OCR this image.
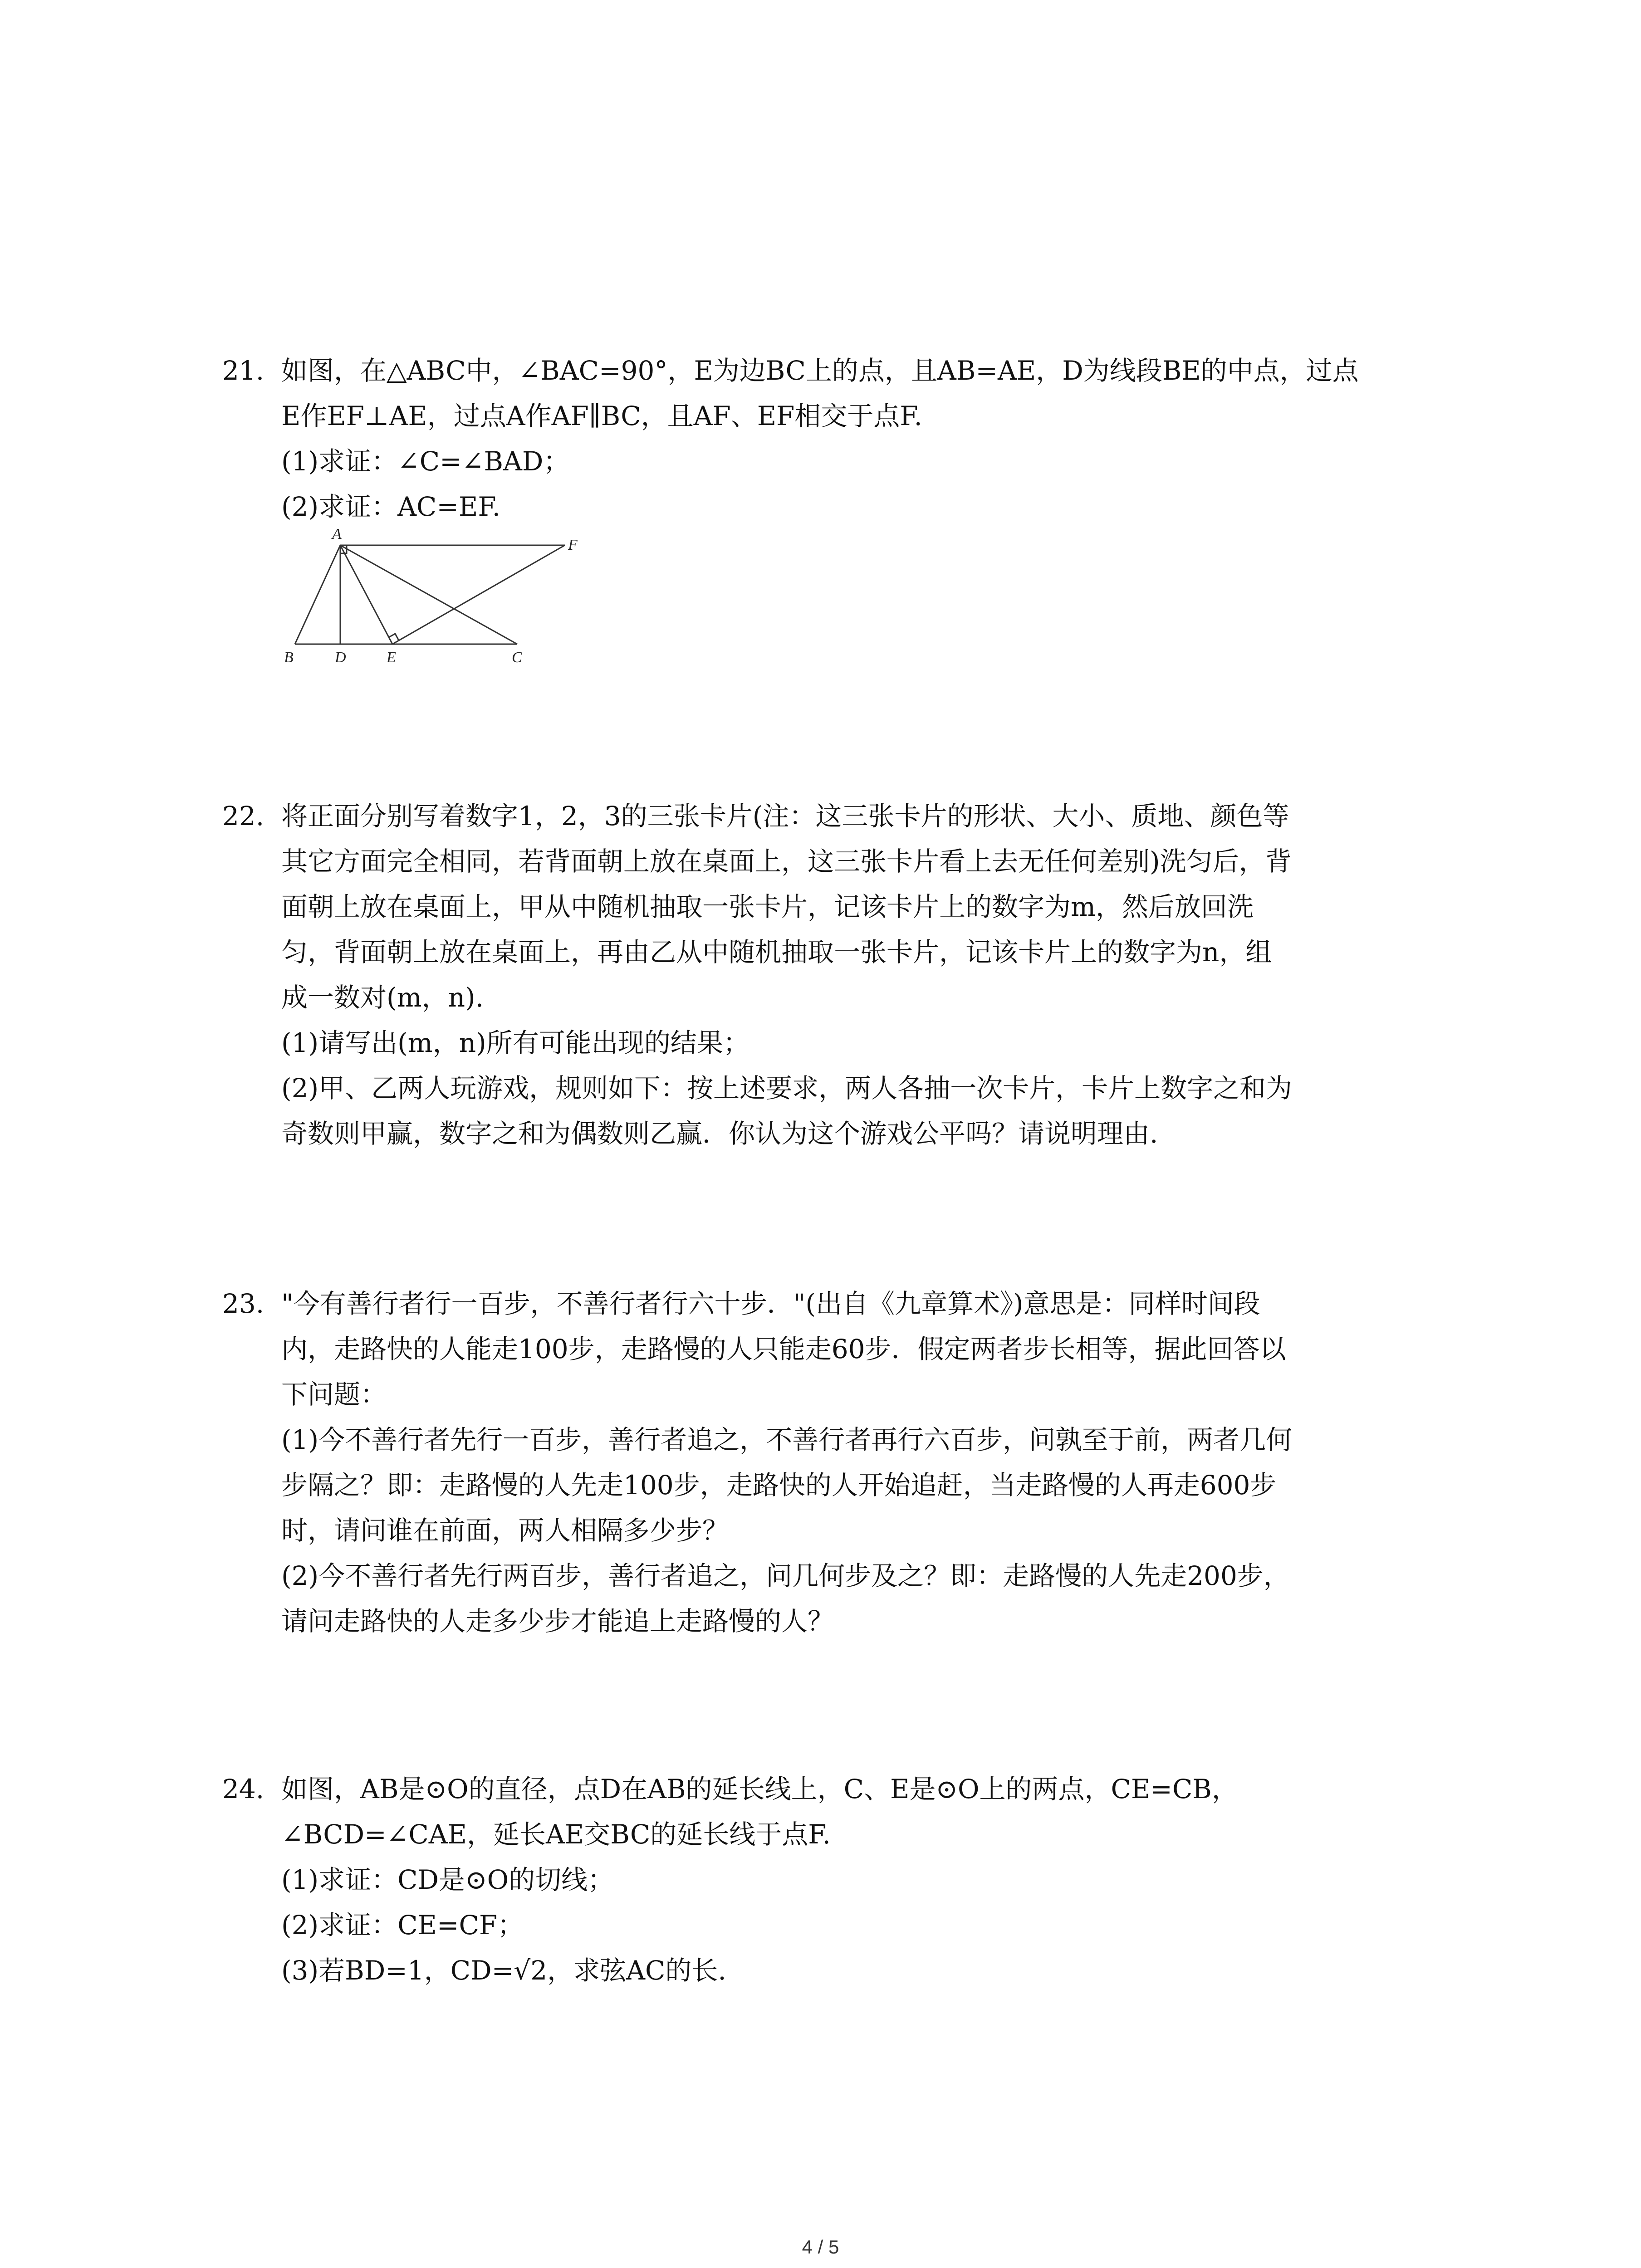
21. 如图，在△ABC中，∠BAC=90°，E为边BC上的点，且AB=AE，D为线段BE的中点，过点
E作EF⊥AE，过点A作AF∥BC，且AF、EF相交于点F.
(1)求证：∠C=∠BAD；
(2)求证：AC=EF.
A
B	D	E	C
F
22. 将正面分别写着数字1，2，3的三张卡片(注：这三张卡片的形状、大小、质地、颜色等
其它方面完全相同，若背面朝上放在桌面上，这三张卡片看上去无任何差别)洗匀后，背
面朝上放在桌面上，甲从中随机抽取一张卡片，记该卡片上的数字为m，然后放回洗
匀，背面朝上放在桌面上，再由乙从中随机抽取一张卡片，记该卡片上的数字为n，组
成一数对(m，n).
(1)请写出(m，n)所有可能出现的结果；
(2)甲、乙两人玩游戏，规则如下：按上述要求，两人各抽一次卡片，卡片上数字之和为
奇数则甲赢，数字之和为偶数则乙赢．你认为这个游戏公平吗？请说明理由.
23. "今有善行者行一百步，不善行者行六十步．"(出自《九章算术》)意思是：同样时间段
内，走路快的人能走100步，走路慢的人只能走60步．假定两者步长相等，据此回答以
下问题：
(1)今不善行者先行一百步，善行者追之，不善行者再行六百步，问孰至于前，两者几何
步隔之？即：走路慢的人先走100步，走路快的人开始追赶，当走路慢的人再走600步
时，请问谁在前面，两人相隔多少步？
(2)今不善行者先行两百步，善行者追之，问几何步及之？即：走路慢的人先走200步，
请问走路快的人走多少步才能追上走路慢的人？
24. 如图，AB是⊙O的直径，点D在AB的延长线上，C、E是⊙O上的两点，CE=CB，
∠BCD=∠CAE，延长AE交BC的延长线于点F.
(1)求证：CD是⊙O的切线；
(2)求证：CE=CF；
(3)若BD=1，CD=√2，求弦AC的长.
4 / 5
